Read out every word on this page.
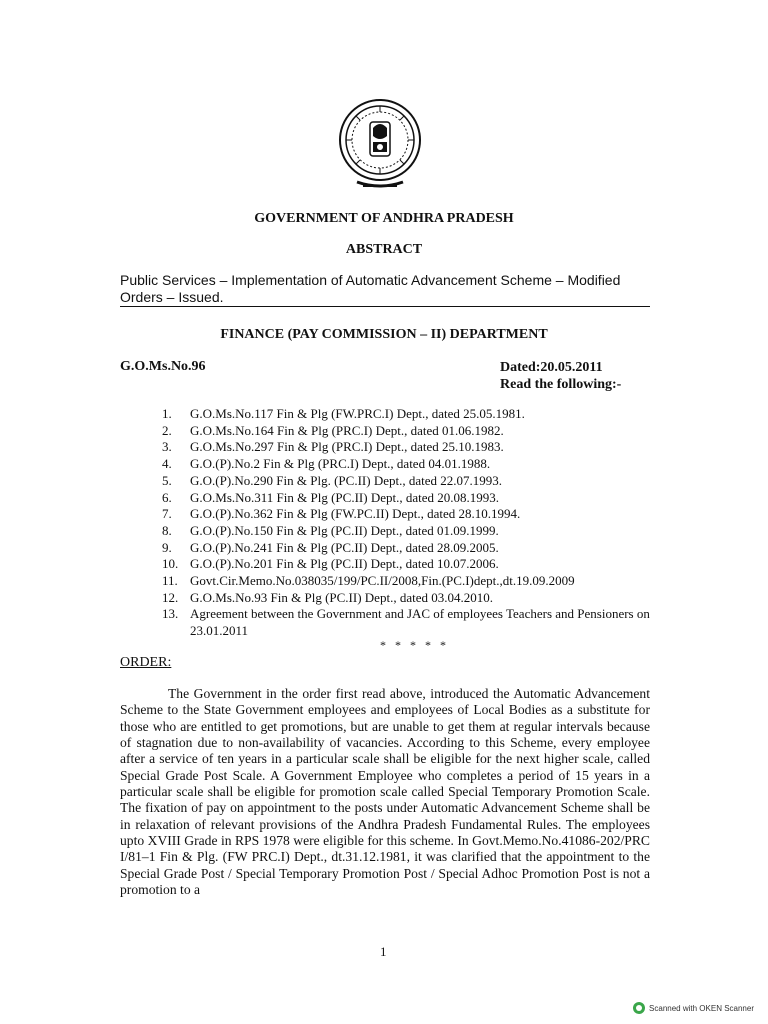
GOVERNMENT OF ANDHRA PRADESH
ABSTRACT
Public Services – Implementation of Automatic Advancement Scheme – Modified Orders – Issued.
FINANCE (PAY COMMISSION – II) DEPARTMENT
G.O.Ms.No.96	Dated:20.05.2011
Read the following:-
1.	G.O.Ms.No.117 Fin & Plg (FW.PRC.I) Dept., dated 25.05.1981.
2.	G.O.Ms.No.164 Fin & Plg (PRC.I) Dept., dated 01.06.1982.
3.	G.O.Ms.No.297 Fin & Plg (PRC.I) Dept., dated 25.10.1983.
4.	G.O.(P).No.2 Fin & Plg (PRC.I) Dept., dated 04.01.1988.
5.	G.O.(P).No.290 Fin & Plg. (PC.II) Dept., dated 22.07.1993.
6.	G.O.Ms.No.311 Fin & Plg (PC.II) Dept., dated 20.08.1993.
7.	G.O.(P).No.362 Fin & Plg (FW.PC.II) Dept., dated 28.10.1994.
8.	G.O.(P).No.150 Fin & Plg (PC.II) Dept., dated 01.09.1999.
9.	G.O.(P).No.241 Fin & Plg (PC.II) Dept., dated 28.09.2005.
10. G.O.(P).No.201 Fin & Plg (PC.II) Dept., dated 10.07.2006.
11. Govt.Cir.Memo.No.038035/199/PC.II/2008,Fin.(PC.I)dept.,dt.19.09.2009
12. G.O.Ms.No.93 Fin & Plg (PC.II) Dept., dated 03.04.2010.
13. Agreement between the Government and JAC of employees Teachers and Pensioners on 23.01.2011
* * * * *
ORDER:
The Government in the order first read above, introduced the Automatic Advancement Scheme to the State Government employees and employees of Local Bodies as a substitute for those who are entitled to get promotions, but are unable to get them at regular intervals because of stagnation due to non-availability of vacancies. According to this Scheme, every employee after a service of ten years in a particular scale shall be eligible for the next higher scale, called Special Grade Post Scale. A Government Employee who completes a period of 15 years in a particular scale shall be eligible for promotion scale called Special Temporary Promotion Scale. The fixation of pay on appointment to the posts under Automatic Advancement Scheme shall be in relaxation of relevant provisions of the Andhra Pradesh Fundamental Rules. The employees upto XVIII Grade in RPS 1978 were eligible for this scheme. In Govt.Memo.No.41086-202/PRC I/81–1 Fin & Plg. (FW PRC.I) Dept., dt.31.12.1981, it was clarified that the appointment to the Special Grade Post / Special Temporary Promotion Post / Special Adhoc Promotion Post is not a promotion to a
1
Scanned with OKEN Scanner
